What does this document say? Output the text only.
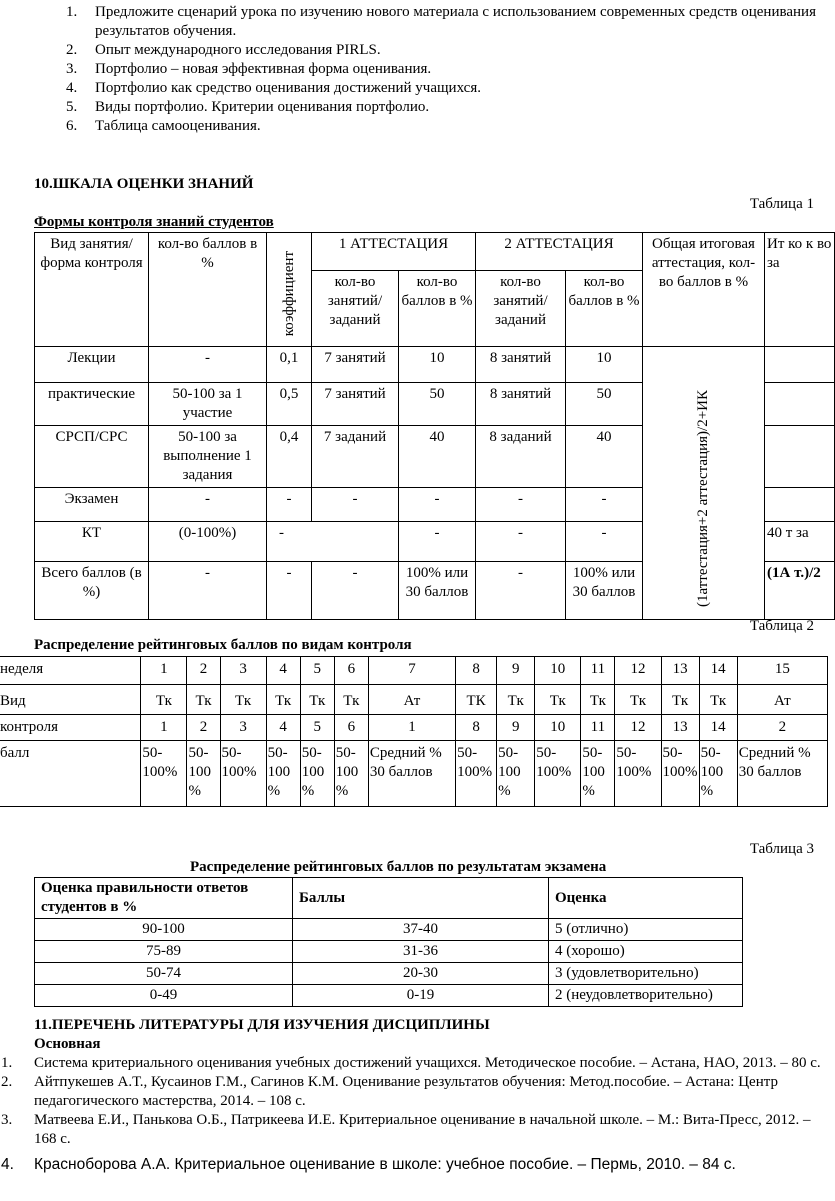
1. Предложите сценарий урока по изучению нового материала с использованием современных средств оценивания результатов обучения.
2. Опыт международного исследования PIRLS.
3. Портфолио – новая эффективная форма оценивания.
4. Портфолио как средство оценивания достижений учащихся.
5. Виды портфолио. Критерии оценивания портфолио.
6. Таблица самооценивания.
10.ШКАЛА ОЦЕНКИ ЗНАНИЙ
Таблица 1
Формы контроля знаний студентов
Вид занятия/ форма контроля	кол-во баллов в %	коэффициент	1 АТТЕСТАЦИЯ		2 АТТЕСТАЦИЯ		Общая итоговая аттестация, кол-во баллов в %	Ит ко к во за
			кол-во занятий/ заданий	кол-во баллов в %	кол-во занятий/ заданий	кол-во баллов в %		
Лекции	-	0,1	7 занятий	10	8 занятий	10	(1аттестация+2 аттестация)/2+ИК	
практические	50-100 за 1 участие	0,5	7 занятий	50	8 занятий	50		
СРСП/СРС	50-100 за выполнение 1 задания	0,4	7 заданий	40	8 заданий	40		
Экзамен	-	-	-	-	-	-		
КТ	(0-100%)	-		-	-	-		40 т за
Всего баллов (в %)	-	-	-	100% или 30 баллов	-	100% или 30 баллов		(1А т.)/2
Таблица 2
Распределение рейтинговых баллов по видам контроля
неделя	1	2	3	4	5	6	7	8	9	10	11	12	13	14	15
Вид	Тк	Тк	Тк	Тк	Тк	Тк	Ат	ТК	Тк	Тк	Тк	Тк	Тк	Тк	Ат
контроля	1	2	3	4	5	6	1	8	9	10	11	12	13	14	2
балл	50-100%	50-100 %	50-100%	50-100 %	50-100 %	50-100 %	Средний % 30 баллов	50-100%	50-100 %	50-100%	50-100 %	50-100%	50-100%	50-100 %	Средний % 30 баллов
Таблица 3
Распределение рейтинговых баллов по результатам экзамена
Оценка правильности ответов студентов в %	Баллы	Оценка
90-100	37-40	5 (отлично)
75-89	31-36	4 (хорошо)
50-74	20-30	3 (удовлетворительно)
0-49	0-19	2 (неудовлетворительно)
11.ПЕРЕЧЕНЬ ЛИТЕРАТУРЫ ДЛЯ ИЗУЧЕНИЯ ДИСЦИПЛИНЫ
Основная
1. Система критериального оценивания учебных достижений учащихся. Методическое пособие. – Астана, НАО, 2013. – 80 с.
2. Айтпукешев А.Т., Кусаинов Г.М., Сагинов К.М. Оценивание результатов обучения: Метод.пособие. – Астана: Центр педагогического мастерства, 2014. – 108 с.
3. Матвеева Е.И., Панькова О.Б., Патрикеева И.Е. Критериальное оценивание в начальной школе. – М.: Вита-Пресс, 2012. – 168 с.
4. Красноборова А.А. Критериальное оценивание в школе: учебное пособие. – Пермь, 2010. – 84 с.
